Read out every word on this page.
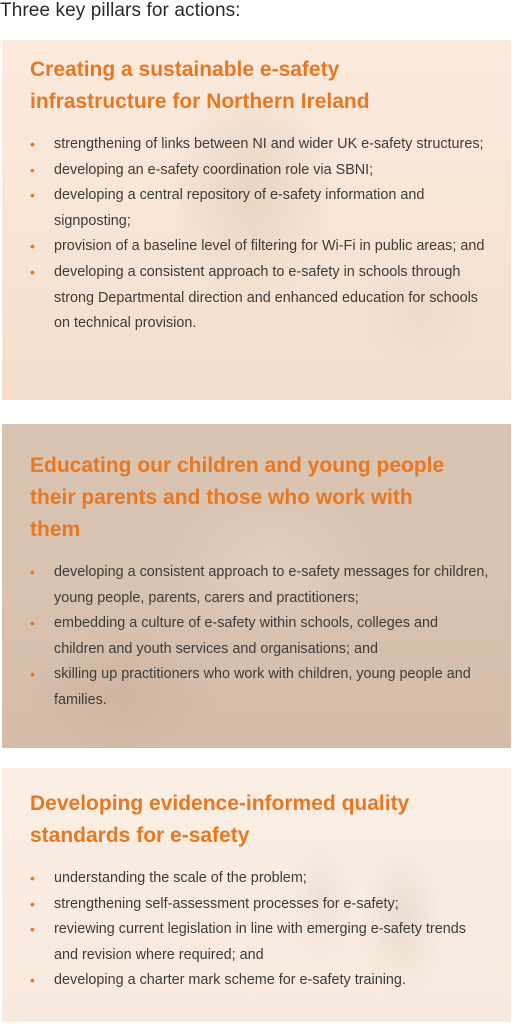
Three key pillars for actions:
Creating a sustainable e-safety
infrastructure for Northern Ireland
• strengthening of links between NI and wider UK e-safety structures;
• developing an e-safety coordination role via SBNI;
• developing a central repository of e-safety information and signposting;
• provision of a baseline level of filtering for Wi-Fi in public areas; and
• developing a consistent approach to e-safety in schools through strong Departmental direction and enhanced education for schools on technical provision.
Educating our children and young people
their parents and those who work with
them
• developing a consistent approach to e-safety messages for children, young people, parents, carers and practitioners;
• embedding a culture of e-safety within schools, colleges and children and youth services and organisations; and
• skilling up practitioners who work with children, young people and families.
Developing evidence-informed quality
standards for e-safety
• understanding the scale of the problem;
• strengthening self-assessment processes for e-safety;
• reviewing current legislation in line with emerging e-safety trends and revision where required; and
• developing a charter mark scheme for e-safety training.
